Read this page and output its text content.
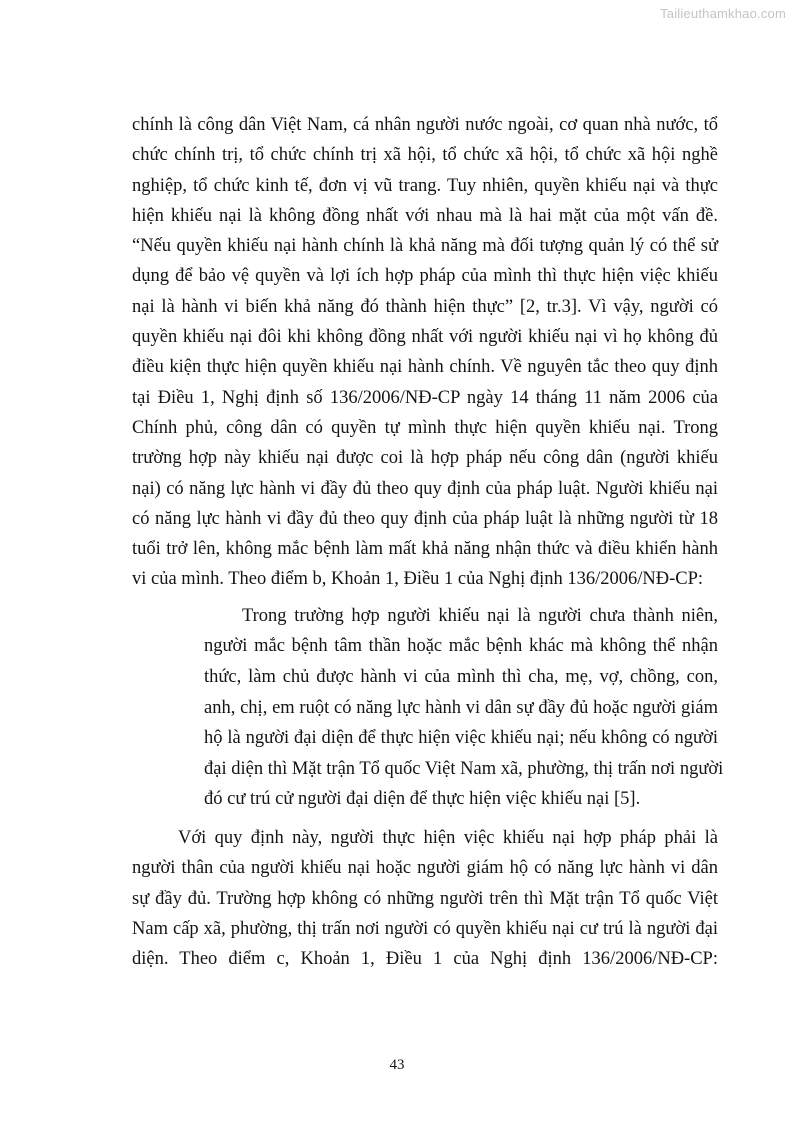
Tailieuthamkhao.com
chính là công dân Việt Nam, cá nhân người nước ngoài, cơ quan nhà nước, tổ
chức chính trị, tổ chức chính trị xã hội, tổ chức xã hội, tổ chức xã hội nghề
nghiệp, tổ chức kinh tế, đơn vị vũ trang. Tuy nhiên, quyền khiếu nại và thực
hiện khiếu nại là không đồng nhất với nhau mà là hai mặt của một vấn đề.
“Nếu quyền khiếu nại hành chính là khả năng mà đối tượng quản lý có thể sử
dụng để bảo vệ quyền và lợi ích hợp pháp của mình thì thực hiện việc khiếu
nại là hành vi biến khả năng đó thành hiện thực” [2, tr.3]. Vì vậy, người có
quyền khiếu nại đôi khi không đồng nhất với người khiếu nại vì họ không đủ
điều kiện thực hiện quyền khiếu nại hành chính. Về nguyên tắc theo quy định
tại Điều 1, Nghị định số 136/2006/NĐ-CP ngày 14 tháng 11 năm 2006 của
Chính phủ, công dân có quyền tự mình thực hiện quyền khiếu nại. Trong
trường hợp này khiếu nại được coi là hợp pháp nếu công dân (người khiếu
nại) có năng lực hành vi đầy đủ theo quy định của pháp luật. Người khiếu nại
có năng lực hành vi đầy đủ theo quy định của pháp luật là những người từ 18
tuổi trở lên, không mắc bệnh làm mất khả năng nhận thức và điều khiển hành
vi của mình. Theo điểm b, Khoản 1, Điều 1 của Nghị định 136/2006/NĐ-CP:
Trong trường hợp người khiếu nại là người chưa thành niên,
người mắc bệnh tâm thần hoặc mắc bệnh khác mà không thể nhận
thức, làm chủ được hành vi của mình thì cha, mẹ, vợ, chồng, con,
anh, chị, em ruột có năng lực hành vi dân sự đầy đủ hoặc người giám
hộ là người đại diện để thực hiện việc khiếu nại; nếu không có người
đại diện thì Mặt trận Tổ quốc Việt Nam xã, phường, thị trấn nơi người
đó cư trú cử người đại diện để thực hiện việc khiếu nại [5].
Với quy định này, người thực hiện việc khiếu nại hợp pháp phải là
người thân của người khiếu nại hoặc người giám hộ có năng lực hành vi dân
sự đầy đủ. Trường hợp không có những người trên thì Mặt trận Tổ quốc Việt
Nam cấp xã, phường, thị trấn nơi người có quyền khiếu nại cư trú là người đại
diện. Theo điểm c, Khoản 1, Điều 1 của Nghị định 136/2006/NĐ-CP:
43
